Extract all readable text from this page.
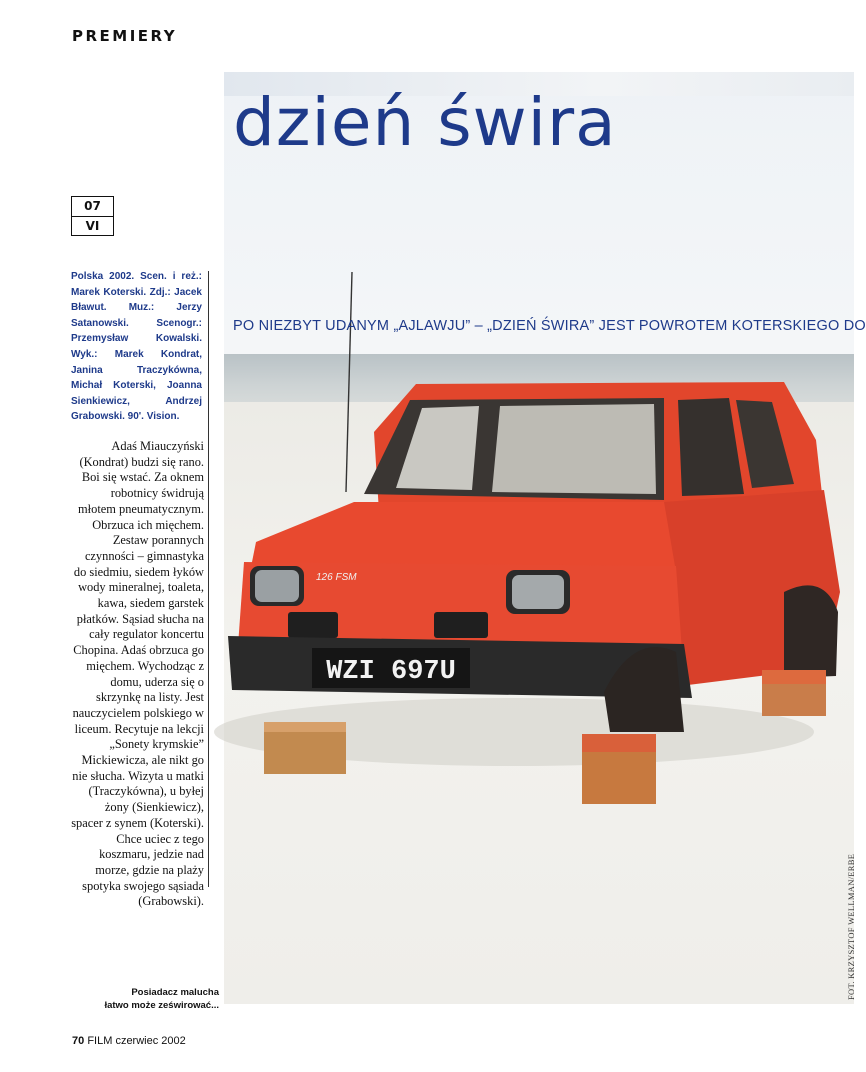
PREMIERY
WZI 697U
126 FSM
dzień świra
07
VI
PO NIEZBYT UDANYM „AJLAWJU” – „DZIEŃ ŚWIRA” JEST POWROTEM KOTERSKIEGO DO
Polska 2002. Scen. i reż.: Marek Koterski. Zdj.: Jacek Bławut. Muz.: Jerzy Satanowski. Scenogr.: Przemysław Kowalski. Wyk.: Marek Kondrat, Janina Traczykówna, Michał Koterski, Joanna Sienkiewicz, Andrzej Grabowski. 90'. Vision.
Adaś Miauczyński (Kondrat) budzi się rano. Boi się wstać. Za oknem robotnicy świdrują młotem pneumatycznym. Obrzuca ich mięchem. Zestaw porannych czynności – gimnastyka do siedmiu, siedem łyków wody mineralnej, toaleta, kawa, siedem garstek płatków. Sąsiad słucha na cały regulator koncertu Chopina. Adaś obrzuca go mięchem. Wychodząc z domu, uderza się o skrzynkę na listy. Jest nauczycielem polskiego w liceum. Recytuje na lekcji „Sonety krymskie” Mickiewicza, ale nikt go nie słucha. Wizyta u matki (Traczykówna), u byłej żony (Sienkiewicz), spacer z synem (Koterski). Chce uciec z tego koszmaru, jedzie nad morze, gdzie na plaży spotyka swojego sąsiada (Grabowski).
Posiadacz malucha
łatwo może ześwirować...
FOT. KRZYSZTOF WELLMAN/ERBE
70 FILM czerwiec 2002
